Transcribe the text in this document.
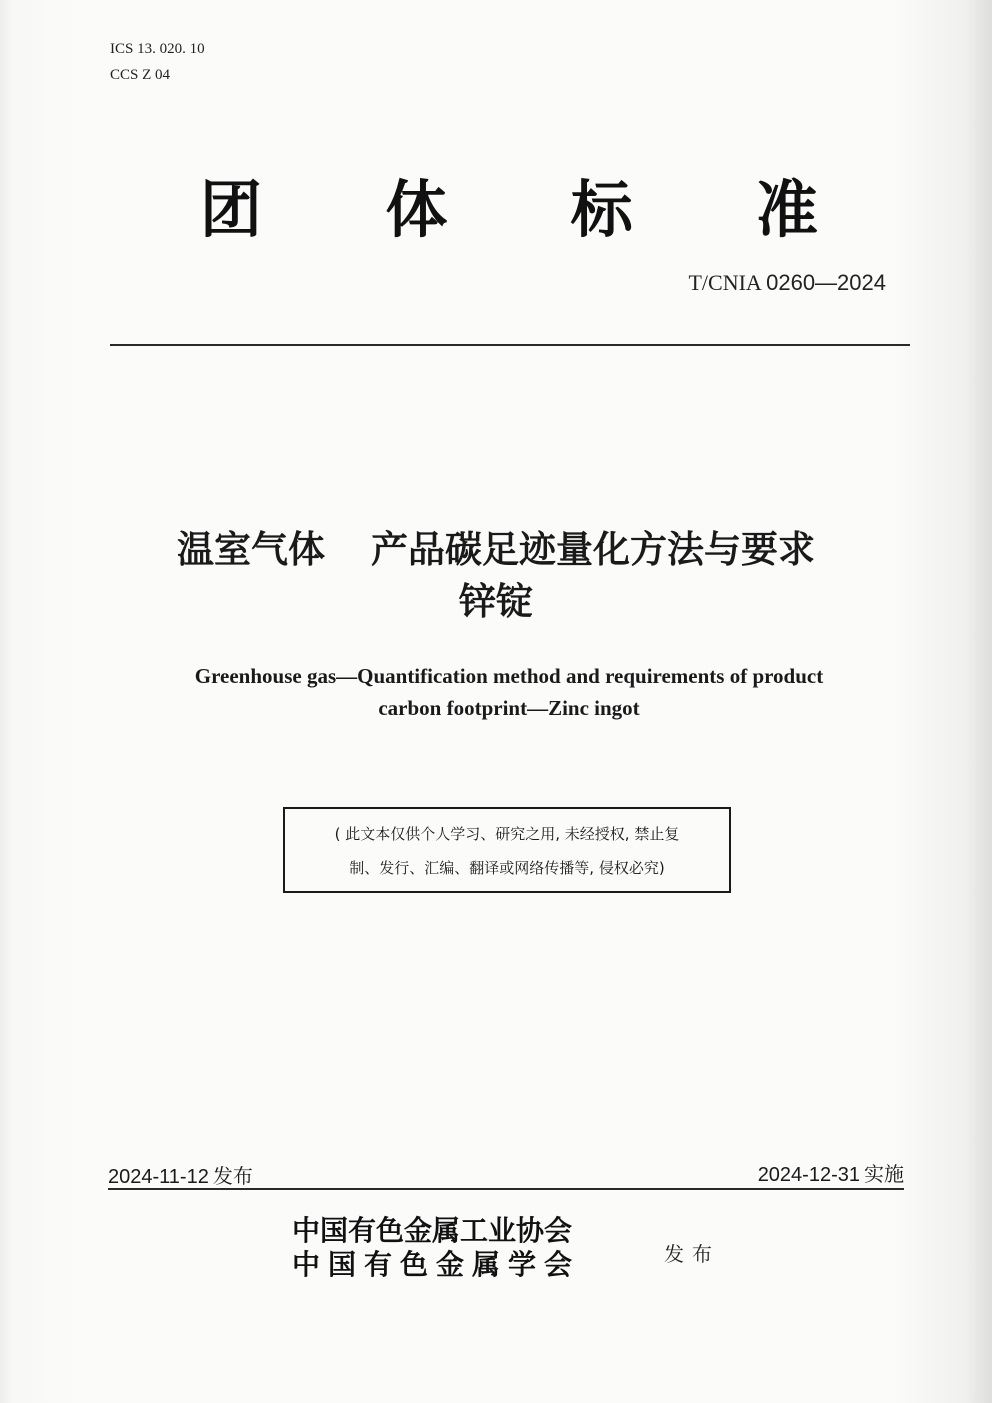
ICS 13. 020. 10
CCS Z 04
团 体 标 准
T/CNIA 0260—2024
温室气体 产品碳足迹量化方法与要求
锌锭
Greenhouse gas—Quantification method and requirements of product
carbon footprint—Zinc ingot
( 此文本仅供个人学习、研究之用, 未经授权, 禁止复
制、发行、汇编、翻译或网络传播等, 侵权必究)
2024-11-12 发布	2024-12-31 实施
中国有色金属工业协会
中国有色金属学会	发布
